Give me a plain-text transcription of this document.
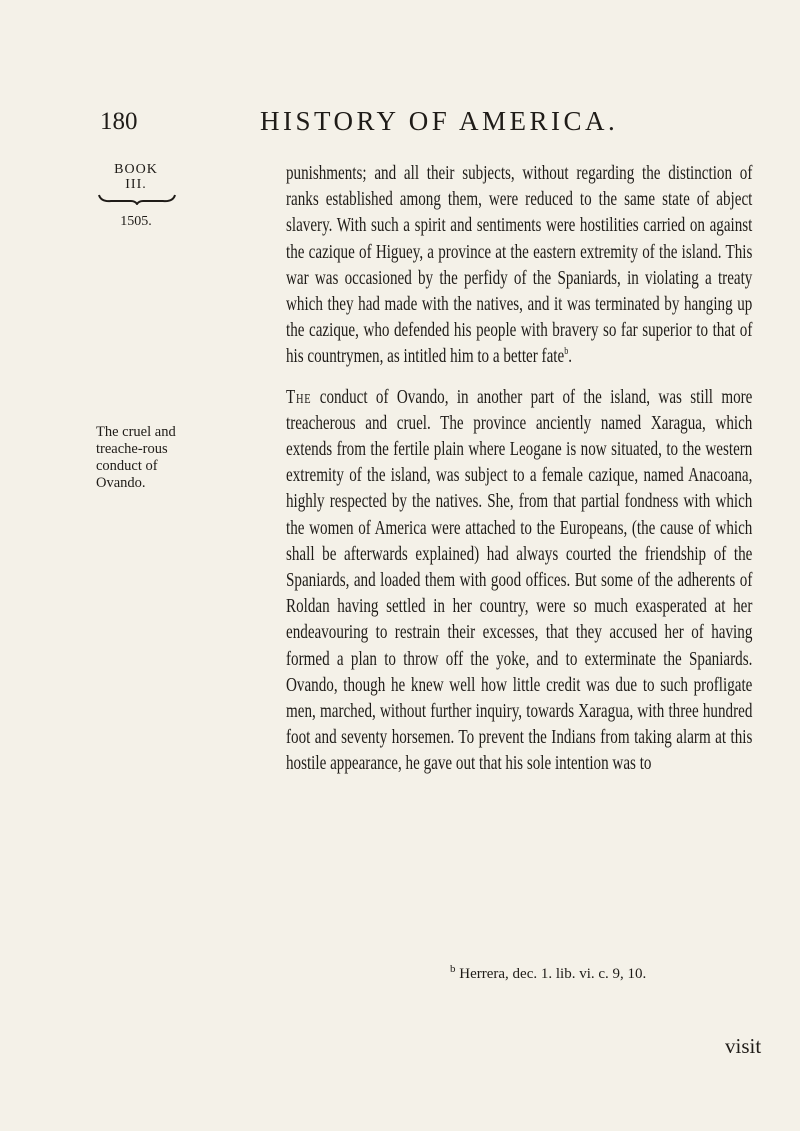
180	HISTORY OF AMERICA.
BOOK
III.
1505.
The cruel and treache-rous conduct of Ovando.

punishments; and all their subjects, without regarding the distinction of ranks established among them, were reduced to the same state of abject slavery. With such a spirit and sentiments were hostilities carried on against the cazique of Higuey, a province at the eastern extremity of the island. This war was occasioned by the perfidy of the Spaniards, in violating a treaty which they had made with the natives, and it was terminated by hanging up the cazique, who defended his people with bravery so far superior to that of his countrymen, as intitled him to a better fate$^b$.

The conduct of Ovando, in another part of the island, was still more treacherous and cruel. The province anciently named Xaragua, which extends from the fertile plain where Leogane is now situated, to the western extremity of the island, was subject to a female cazique, named Anacoana, highly respected by the natives. She, from that partial fondness with which the women of America were attached to the Europeans, (the cause of which shall be afterwards explained) had always courted the friendship of the Spaniards, and loaded them with good offices. But some of the adherents of Roldan having settled in her country, were so much exasperated at her endeavouring to restrain their excesses, that they accused her of having formed a plan to throw off the yoke, and to exterminate the Spaniards. Ovando, though he knew well how little credit was due to such profligate men, marched, without further inquiry, towards Xaragua, with three hundred foot and seventy horsemen. To prevent the Indians from taking alarm at this hostile appearance, he gave out that his sole intention was to

$^b$ Herrera, dec. 1. lib. vi. c. 9, 10.
visit
